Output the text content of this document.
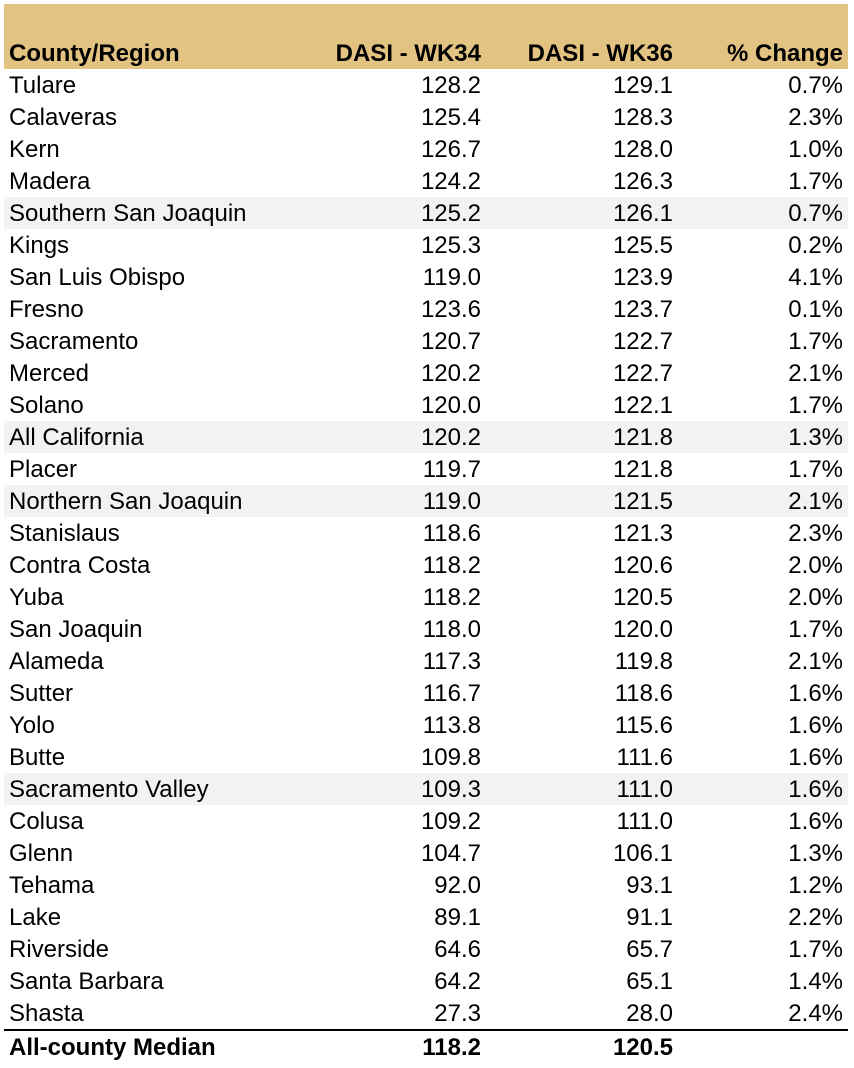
County/Region	DASI - WK34	DASI - WK36	% Change
Tulare	128.2	129.1	0.7%
Calaveras	125.4	128.3	2.3%
Kern	126.7	128.0	1.0%
Madera	124.2	126.3	1.7%
Southern San Joaquin	125.2	126.1	0.7%
Kings	125.3	125.5	0.2%
San Luis Obispo	119.0	123.9	4.1%
Fresno	123.6	123.7	0.1%
Sacramento	120.7	122.7	1.7%
Merced	120.2	122.7	2.1%
Solano	120.0	122.1	1.7%
All California	120.2	121.8	1.3%
Placer	119.7	121.8	1.7%
Northern San Joaquin	119.0	121.5	2.1%
Stanislaus	118.6	121.3	2.3%
Contra Costa	118.2	120.6	2.0%
Yuba	118.2	120.5	2.0%
San Joaquin	118.0	120.0	1.7%
Alameda	117.3	119.8	2.1%
Sutter	116.7	118.6	1.6%
Yolo	113.8	115.6	1.6%
Butte	109.8	111.6	1.6%
Sacramento Valley	109.3	111.0	1.6%
Colusa	109.2	111.0	1.6%
Glenn	104.7	106.1	1.3%
Tehama	92.0	93.1	1.2%
Lake	89.1	91.1	2.2%
Riverside	64.6	65.7	1.7%
Santa Barbara	64.2	65.1	1.4%
Shasta	27.3	28.0	2.4%
All-county Median	118.2	120.5
